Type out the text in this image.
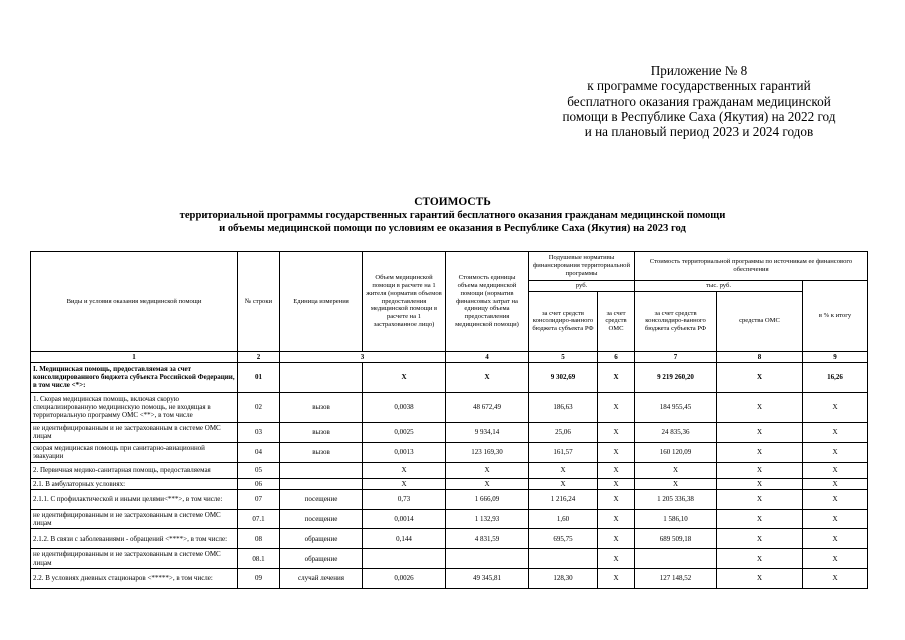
Приложение № 8
к программе государственных гарантий
бесплатного оказания гражданам медицинской
помощи в Республике Саха (Якутия) на 2022 год
и на плановый период 2023 и 2024 годов
СТОИМОСТЬ
территориальной программы государственных гарантий бесплатного оказания гражданам медицинской помощи
и объемы медицинской помощи по условиям ее оказания в Республике Саха (Якутия) на 2023 год
Виды и условия оказания медицинской помощи	№ строки	Единица измерения	Объем медицинской помощи в расчете на 1 жителя (норматив объемов предоставления медицинской помощи в расчете на 1 застрахованное лицо)	Стоимость единицы объема медицинской помощи (норматив финансовых затрат на единицу объема предоставления медицинской помощи)	Подушевые нормативы финансирования территориальной программы		Стоимость территориальной программы по источникам ее финансового обеспечения		
					руб.		тыс. руб.		в % к итогу
					за счет средств консолидиро-ванного бюджета субъекта РФ	за счет средств ОМС	за счет средств консолидиро-ванного бюджета субъекта РФ	средства ОМС	
1	2	3		4	5	6	7	8	9
I. Медицинская помощь, предоставляемая за счет консолидированного бюджета субъекта Российской Федерации, в том числе <*>:	01		X	X	9 302,69	X	9 219 260,20	X	16,26
1. Скорая медицинская помощь, включая скорую специализированную медицинскую помощь, не входящая в территориальную программу ОМС <**>, в том числе	02	вызов	0,0038	48 672,49	186,63	X	184 955,45	X	X
не идентифицированным и не застрахованным в системе ОМС лицам	03	вызов	0,0025	9 934,14	25,06	X	24 835,36	X	X
скорая медицинская помощь при санитарно-авиационной эвакуации	04	вызов	0,0013	123 169,30	161,57	X	160 120,09	X	X
2. Первичная медико-санитарная помощь, предоставляемая	05		X	X	X	X	X	X	X
2.1. В амбулаторных условиях:	06		X	X	X	X	X	X	X
2.1.1. С профилактической и иными целями<***>, в том числе:	07	посещение	0,73	1 666,09	1 216,24	X	1 205 336,38	X	X
не идентифицированным и не застрахованным в системе ОМС лицам	07.1	посещение	0,0014	1 132,93	1,60	X	1 586,10	X	X
2.1.2. В связи с заболеваниями - обращений <****>, в том числе:	08	обращение	0,144	4 831,59	695,75	X	689 509,18	X	X
не идентифицированным и не застрахованным в системе ОМС лицам	08.1	обращение				X		X	X
2.2. В условиях дневных стационаров <*****>, в том числе:	09	случай лечения	0,0026	49 345,81	128,30	X	127 148,52	X	X
